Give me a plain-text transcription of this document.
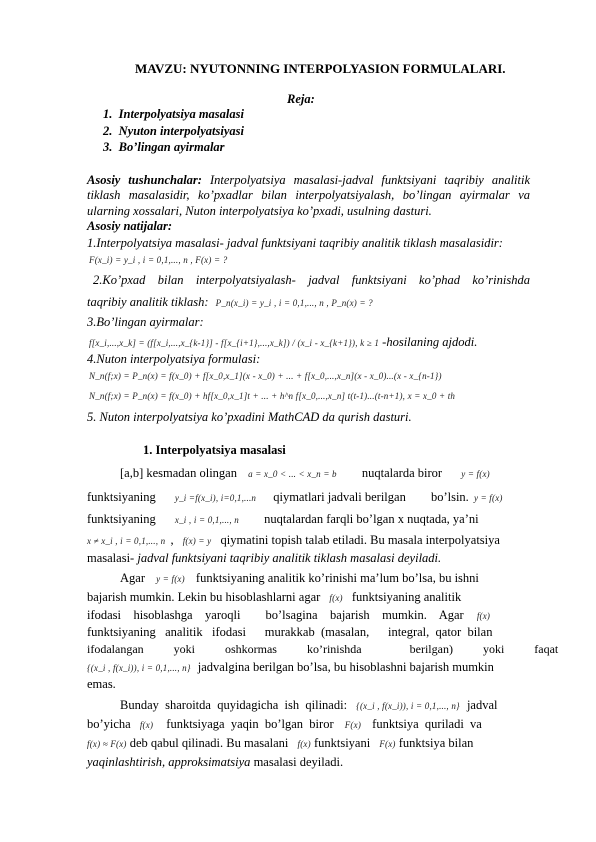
MAVZU: NYUTONNING INTERPOLYASION FORMULALARI.
Reja:
1. Interpolyatsiya masalasi
2. Nyuton interpolyatsiyasi
3. Bo’lingan ayirmalar
Asosiy tushunchalar: Interpolyatsiya masalasi-jadval funktsiyani taqribiy analitik
tiklash masalasidir, ko’pxadlar bilan interpolyatsiyalash, bo’lingan ayirmalar va
ularning xossalari, Nuton interpolyatsiya ko’pxadi, usulning dasturi.
Asosiy natijalar:
1.Interpolyatsiya masalasi- jadval funktsiyani taqribiy analitik tiklash masalasidir:
F(x_i) = y_i , i = 0,1,..., n , F(x) = ?
2.Ko’pxad bilan interpolyatsiyalash- jadval funktsiyani ko’phad ko’rinishda
taqribiy analitik tiklash: P_n(x_i) = y_i , i = 0,1,..., n , P_n(x) = ?
3.Bo’lingan ayirmalar:
f[x_i,...,x_k] = (f[x_i,...,x_{k-1}] - f[x_{i+1},...,x_k]) / (x_i - x_{k+1}), k ≥ 1 -hosilaning ajdodi.
4.Nuton interpolyatsiya formulasi:
N_n(f;x) = P_n(x) = f(x_0) + f[x_0,x_1](x - x_0) + ... + f[x_0,...,x_n](x - x_0)...(x - x_{n-1})
N_n(f;x) = P_n(x) = f(x_0) + hf[x_0,x_1]t + ... + h^n f[x_0,...,x_n] t(t-1)...(t-n+1), x = x_0 + th
5. Nuton interpolyatsiya ko’pxadini MathCAD da qurish dasturi.
1. Interpolyatsiya masalasi
[a,b] kesmadan olingan a = x_0 < ... < x_n = b nuqtalarda biror y = f(x)
funktsiyaning y_i =f(x_i), i=0,1,...n qiymatlari jadvali berilgan bo’lsin. y = f(x)
funktsiyaning x_i , i = 0,1,..., n nuqtalardan farqli bo’lgan x nuqtada, ya’ni
x ≠ x_i , i = 0,1,..., n , f(x) = y qiymatini topish talab etiladi. Bu masala interpolyatsiya
masalasi- jadval funktsiyani taqribiy analitik tiklash masalasi deyiladi.
Agar y = f(x) funktsiyaning analitik ko’rinishi ma’lum bo’lsa, bu ishni
bajarish mumkin. Lekin bu hisoblashlarni agar f(x) funktsiyaning analitik
ifodasi    hisoblashga    yaroqli        bo’lsagina    bajarish    mumkin.    Agar f(x)
funktsiyaning   analitik   ifodasi      murakkab  (masalan,      integral,  qator  bilan
ifodalangan          yoki          oshkormas          ko’rinishda                berilgan)          yoki          faqat
{(x_i , f(x_i)), i = 0,1,..., n} jadvalgina berilgan bo’lsa, bu hisoblashni bajarish mumkin
emas.
Bunday  sharoitda  quyidagicha  ish  qilinadi: {(x_i , f(x_i)), i = 0,1,..., n} jadval
bo’yicha f(x) funktsiyaga  yaqin  bo’lgan  biror F(x) funktsiya  quriladi  va
f(x) ≈ F(x) deb qabul qilinadi. Bu masalani f(x) funktsiyani F(x) funktsiya bilan
yaqinlashtirish, approksimatsiya masalasi deyiladi.
